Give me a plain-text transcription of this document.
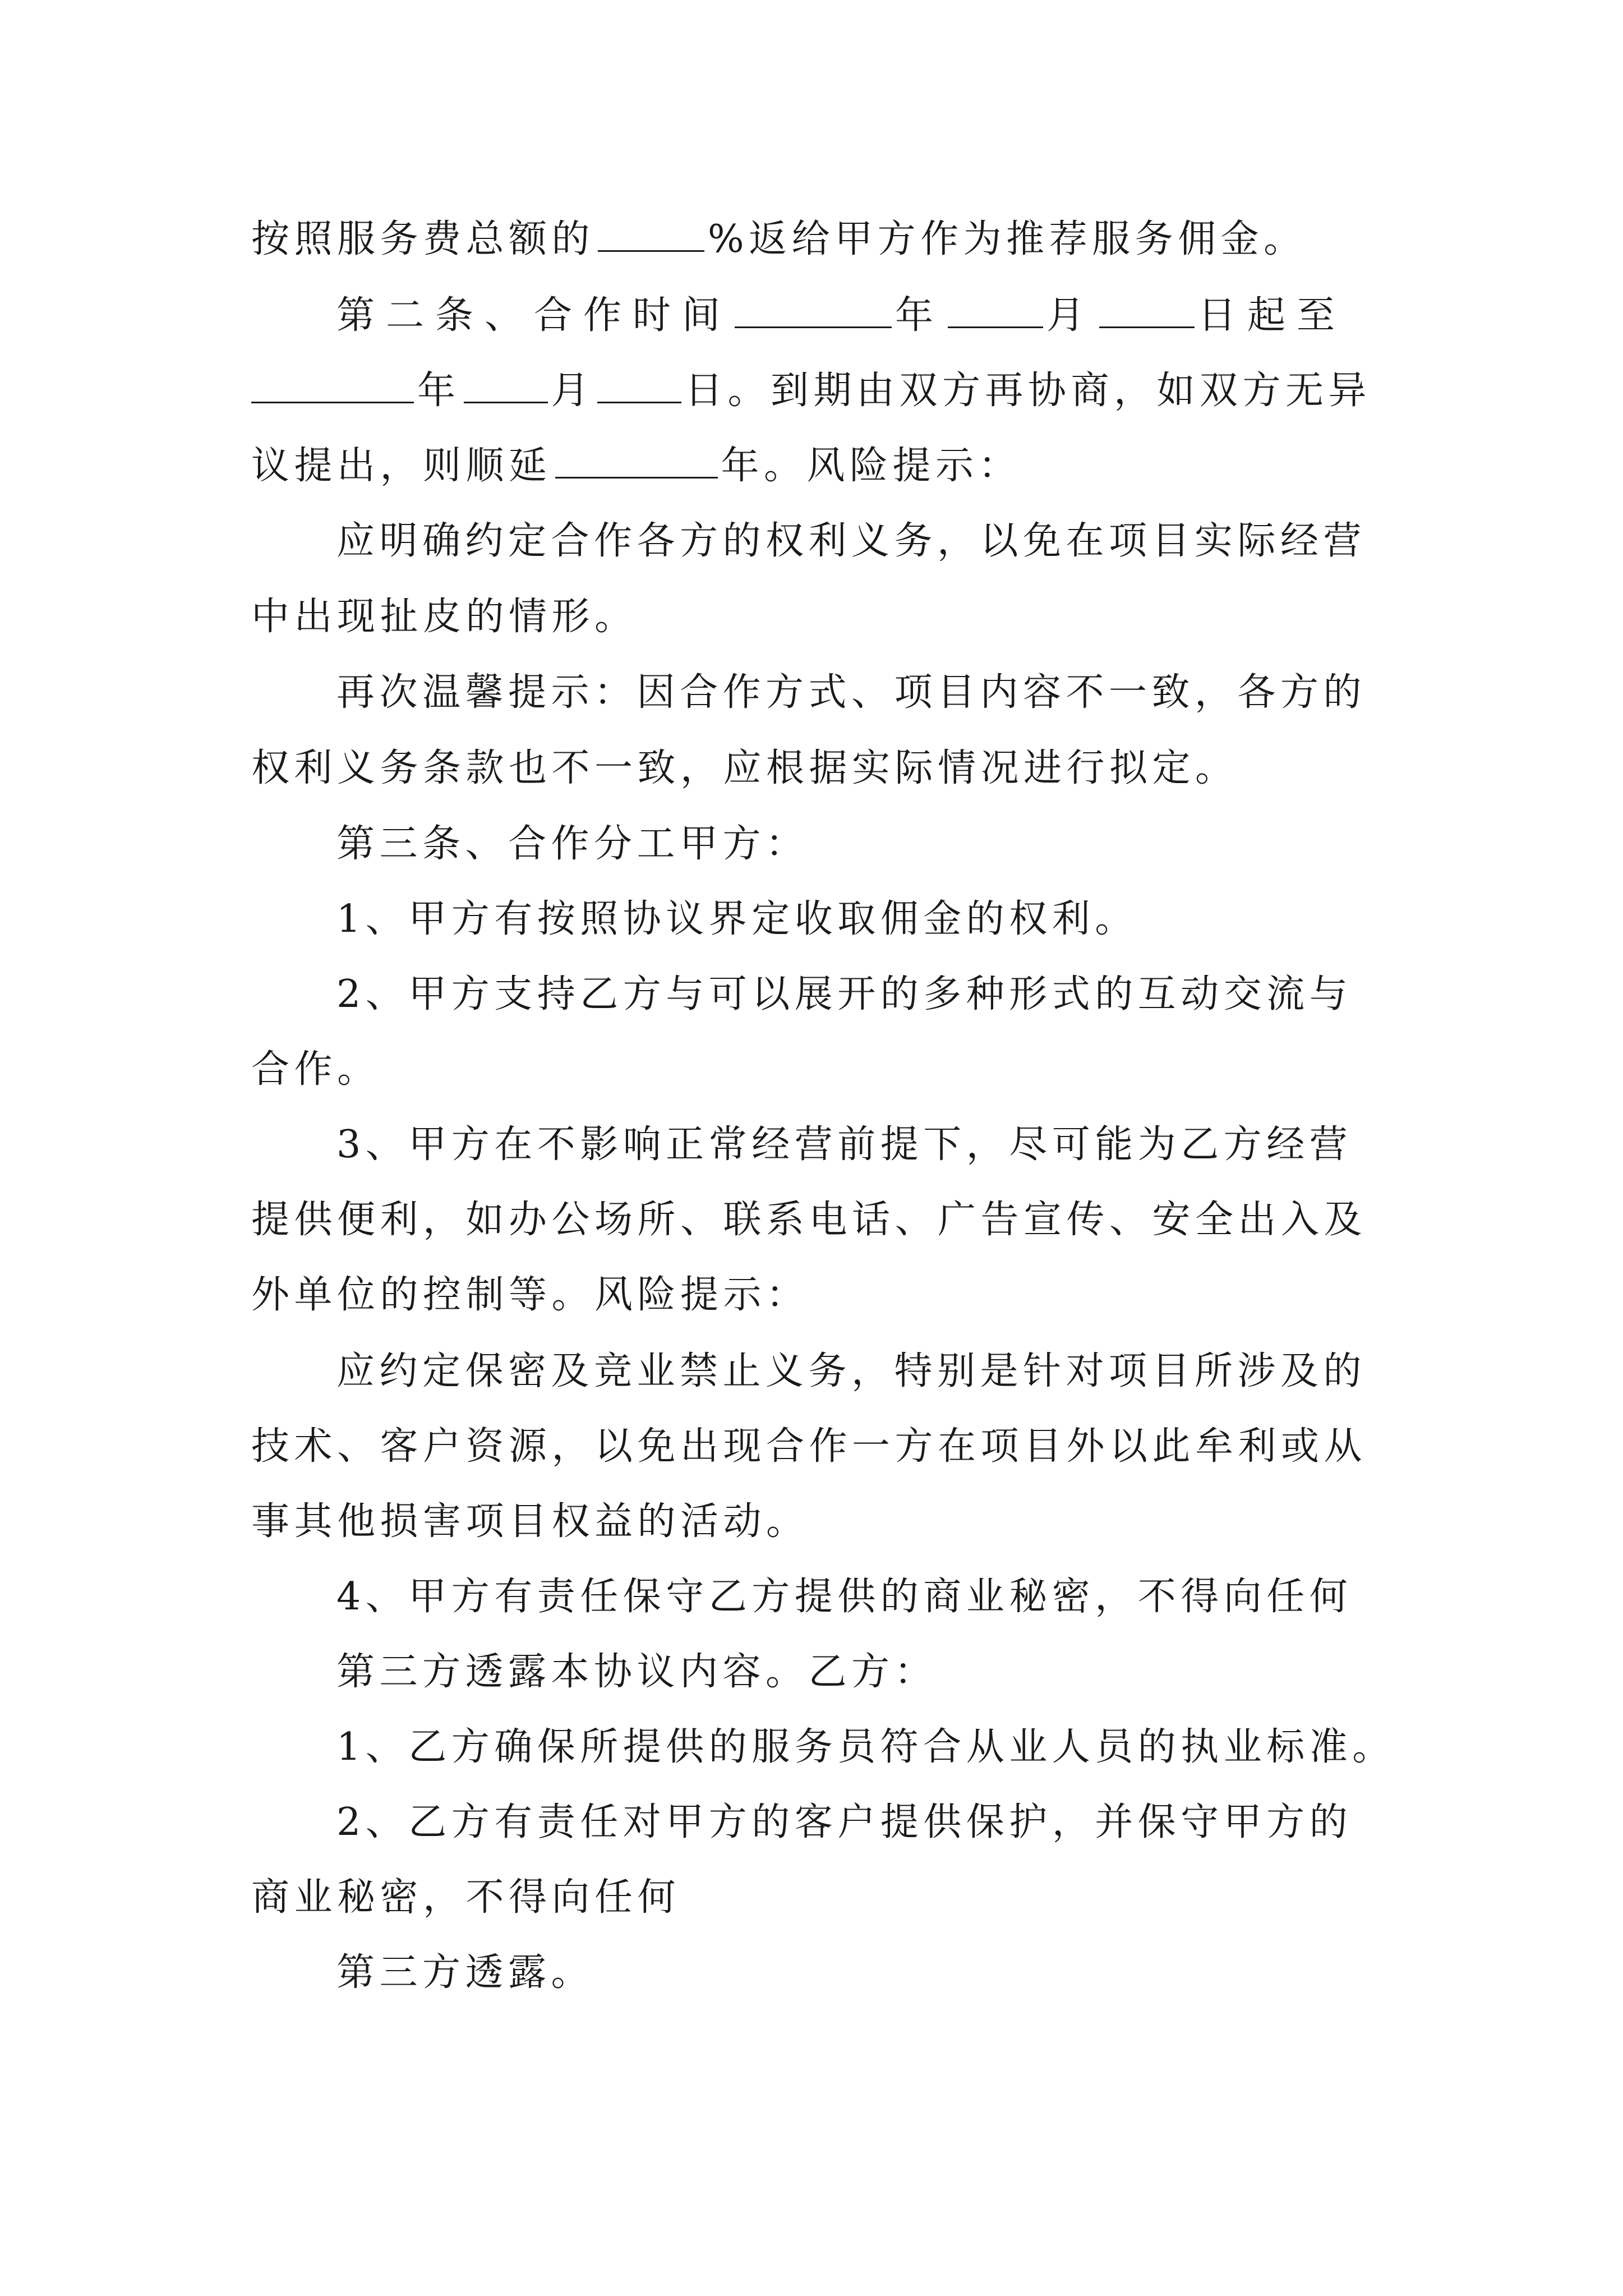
按照服务费总额的	%返给甲方作为推荐服务佣金。
第二条、合作时间	年	月	日起至
年 月 日。到期由双方再协商，如双方无异
议提出，则顺延	年。风险提示：
应明确约定合作各方的权利义务，以免在项目实际经营
中出现扯皮的情形。
再次温馨提示：因合作方式、项目内容不一致，各方的
权利义务条款也不一致，应根据实际情况进行拟定。
第三条、合作分工甲方：
1、甲方有按照协议界定收取佣金的权利。
2、甲方支持乙方与可以展开的多种形式的互动交流与
合作。
3、甲方在不影响正常经营前提下，尽可能为乙方经营
提供便利，如办公场所、联系电话、广告宣传、安全出入及
外单位的控制等。风险提示：
应约定保密及竞业禁止义务，特别是针对项目所涉及的
技术、客户资源，以免出现合作一方在项目外以此牟利或从
事其他损害项目权益的活动。
4、甲方有责任保守乙方提供的商业秘密，不得向任何
第三方透露本协议内容。乙方：
1、乙方确保所提供的服务员符合从业人员的执业标准。
2、乙方有责任对甲方的客户提供保护，并保守甲方的
商业秘密，不得向任何
第三方透露。
